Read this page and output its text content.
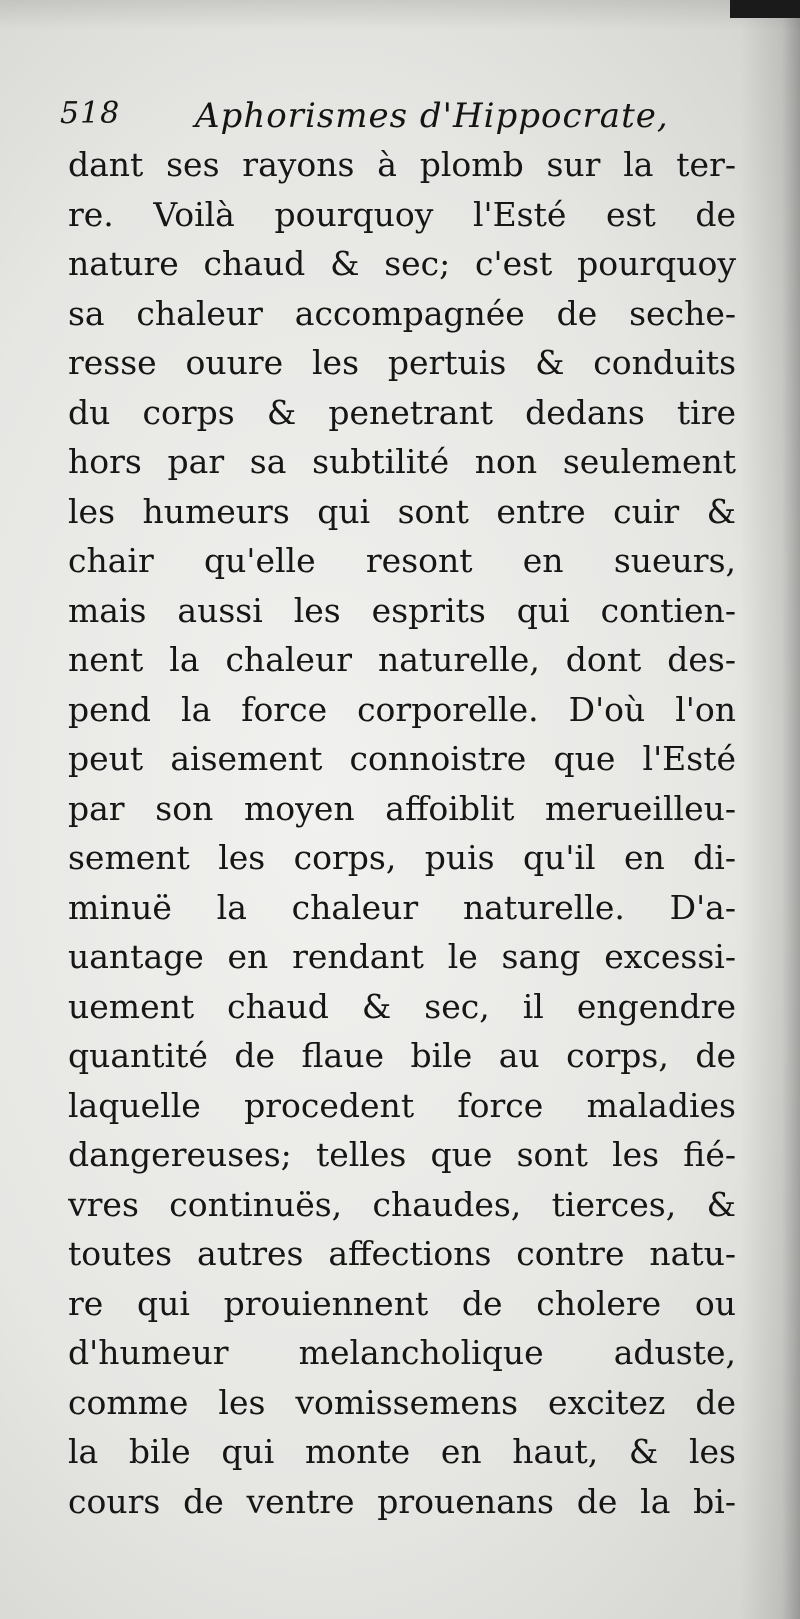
518 Aphorismes d'Hippocrate,
dant ses rayons à plomb sur la ter-
re. Voilà pourquoy l'Esté est de
nature chaud & sec; c'est pourquoy
sa chaleur accompagnée de seche-
resse ouure les pertuis & conduits
du corps & penetrant dedans tire
hors par sa subtilité non seulement
les humeurs qui sont entre cuir &
chair qu'elle resont en sueurs,
mais aussi les esprits qui contien-
nent la chaleur naturelle, dont des-
pend la force corporelle. D'où l'on
peut aisement connoistre que l'Esté
par son moyen affoiblit merueilleu-
sement les corps, puis qu'il en di-
minuë la chaleur naturelle. D'a-
uantage en rendant le sang excessi-
uement chaud & sec, il engendre
quantité de flaue bile au corps, de
laquelle procedent force maladies
dangereuses; telles que sont les fié-
vres continuës, chaudes, tierces, &
toutes autres affections contre natu-
re qui prouiennent de cholere ou
d'humeur melancholique aduste,
comme les vomissemens excitez de
la bile qui monte en haut, & les
cours de ventre prouenans de la bi-
